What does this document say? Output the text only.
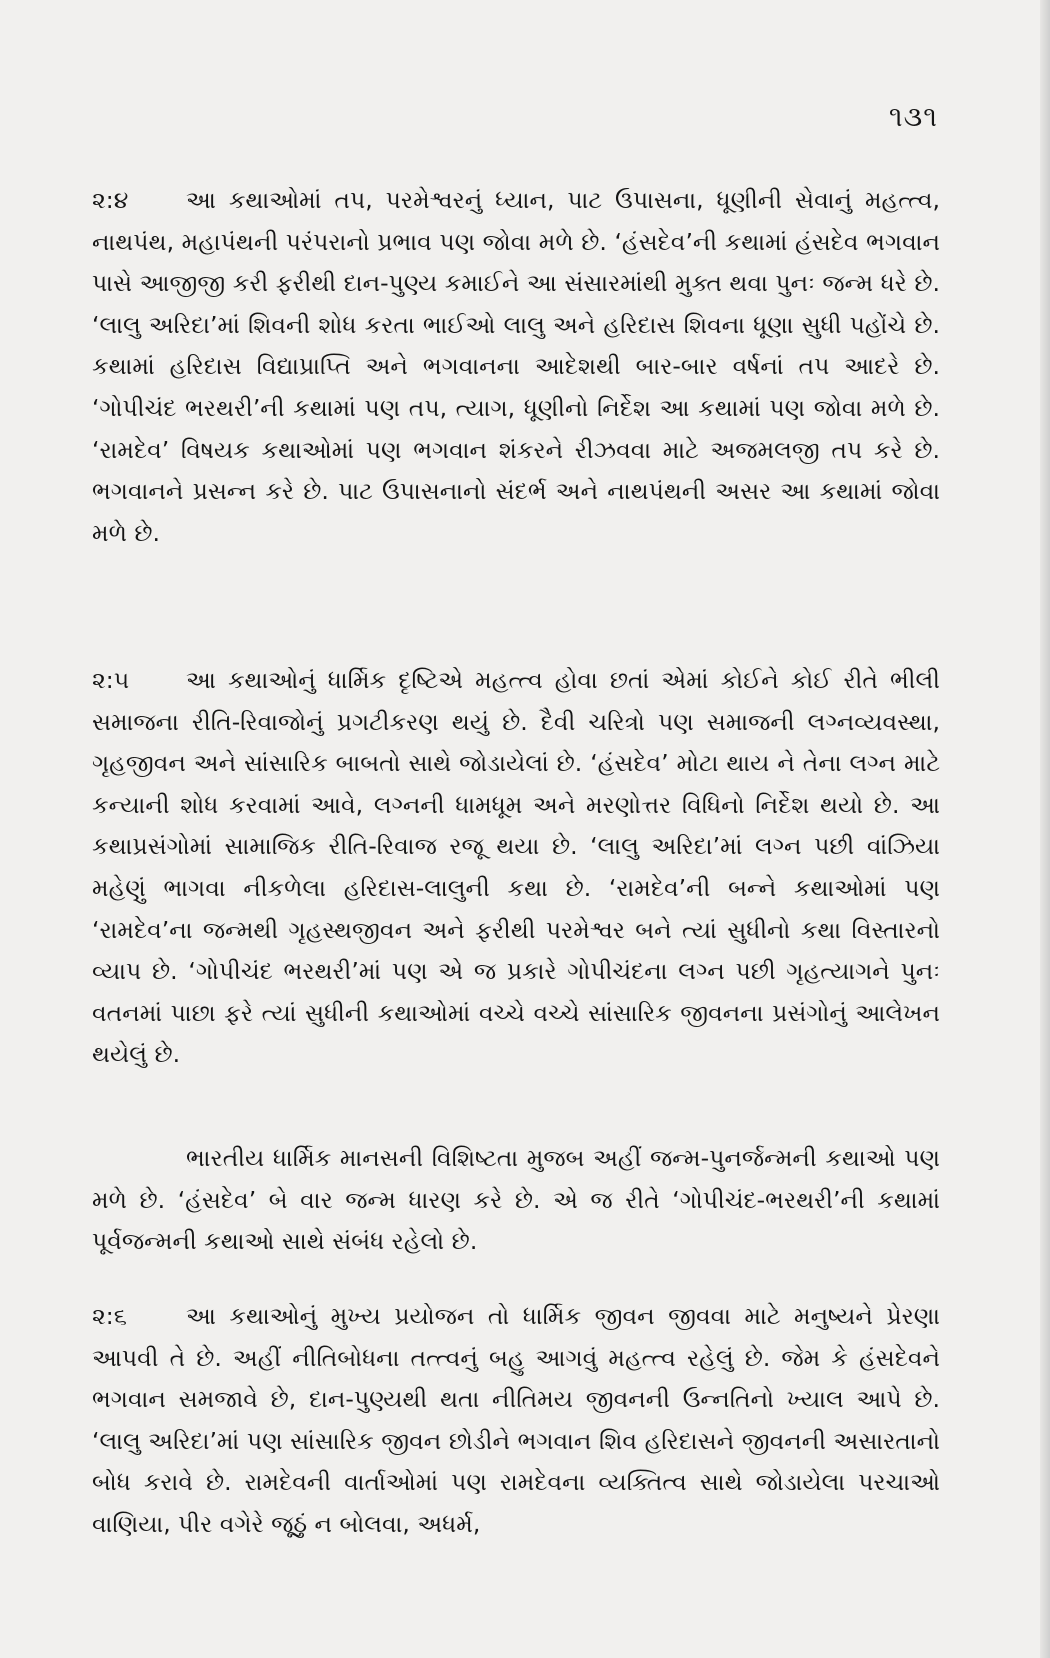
૧૩૧
૨:૪ આ કથાઓમાં તપ, પરમેશ્વરનું ધ્યાન, પાટ ઉપાસના, ધૂણીની સેવાનું મહત્ત્વ, નાથપંથ, મહાપંથની પરંપરાનો પ્રભાવ પણ જોવા મળે છે. ‘હંસદેવ’ની કથામાં હંસદેવ ભગવાન પાસે આજીજી કરી ફરીથી દાન-પુણ્ય કમાઈને આ સંસારમાંથી મુક્ત થવા પુનઃ જન્મ ધરે છે. ‘લાલુ અરિદા’માં શિવની શોધ કરતા ભાઈઓ લાલુ અને હરિદાસ શિવના ધૂણા સુધી પહોંચે છે. કથામાં હરિદાસ વિદ્યાપ્રાપ્તિ અને ભગવાનના આદેશથી બાર-બાર વર્ષનાં તપ આદરે છે. ‘ગોપીચંદ ભરથરી’ની કથામાં પણ તપ, ત્યાગ, ધૂણીનો નિર્દેશ આ કથામાં પણ જોવા મળે છે. ‘રામદેવ’ વિષયક કથાઓમાં પણ ભગવાન શંકરને રીઝવવા માટે અજમલજી તપ કરે છે. ભગવાનને પ્રસન્ન કરે છે. પાટ ઉપાસનાનો સંદર્ભ અને નાથપંથની અસર આ કથામાં જોવા મળે છે.
૨:૫ આ કથાઓનું ધાર્મિક દૃષ્ટિએ મહત્ત્વ હોવા છતાં એમાં કોઈને કોઈ રીતે ભીલી સમાજના રીતિ-રિવાજોનું પ્રગટીકરણ થયું છે. દૈવી ચરિત્રો પણ સમાજની લગ્નવ્યવસ્થા, ગૃહજીવન અને સાંસારિક બાબતો સાથે જોડાયેલાં છે. ‘હંસદેવ’ મોટા થાય ને તેના લગ્ન માટે કન્યાની શોધ કરવામાં આવે, લગ્નની ધામધૂમ અને મરણોત્તર વિધિનો નિર્દેશ થયો છે. આ કથાપ્રસંગોમાં સામાજિક રીતિ-રિવાજ રજૂ થયા છે. ‘લાલુ અરિદા’માં લગ્ન પછી વાંઝિયા મહેણું ભાગવા નીકળેલા હરિદાસ-લાલુની કથા છે. ‘રામદેવ’ની બન્ને કથાઓમાં પણ ‘રામદેવ’ના જન્મથી ગૃહસ્થજીવન અને ફરીથી પરમેશ્વર બને ત્યાં સુધીનો કથા વિસ્તારનો વ્યાપ છે. ‘ગોપીચંદ ભરથરી’માં પણ એ જ પ્રકારે ગોપીચંદના લગ્ન પછી ગૃહત્યાગને પુનઃ વતનમાં પાછા ફરે ત્યાં સુધીની કથાઓમાં વચ્ચે વચ્ચે સાંસારિક જીવનના પ્રસંગોનું આલેખન થયેલું છે.
ભારતીય ધાર્મિક માનસની વિશિષ્ટતા મુજબ અહીં જન્મ-પુનર્જન્મની કથાઓ પણ મળે છે. ‘હંસદેવ’ બે વાર જન્મ ધારણ કરે છે. એ જ રીતે ‘ગોપીચંદ-ભરથરી’ની કથામાં પૂર્વજન્મની કથાઓ સાથે સંબંધ રહેલો છે.
૨:૬	આ કથાઓનું મુખ્ય પ્રયોજન તો ધાર્મિક જીવન જીવવા માટે મનુષ્યને પ્રેરણા આપવી તે છે. અહીં નીતિબોધના તત્ત્વનું બહુ આગવું મહત્ત્વ રહેલું છે. જેમ કે હંસદેવને ભગવાન સમજાવે છે, દાન-પુણ્યથી થતા નીતિમય જીવનની ઉન્નતિનો ખ્યાલ આપે છે. ‘લાલુ અરિદા’માં પણ સાંસારિક જીવન છોડીને ભગવાન શિવ હરિદાસને જીવનની અસારતાનો બોધ કરાવે છે. રામદેવની વાર્તાઓમાં પણ રામદેવના વ્યક્તિત્વ સાથે જોડાયેલા પરચાઓ વાણિયા, પીર વગેરે જૂઠું ન બોલવા, અધર્મ,
